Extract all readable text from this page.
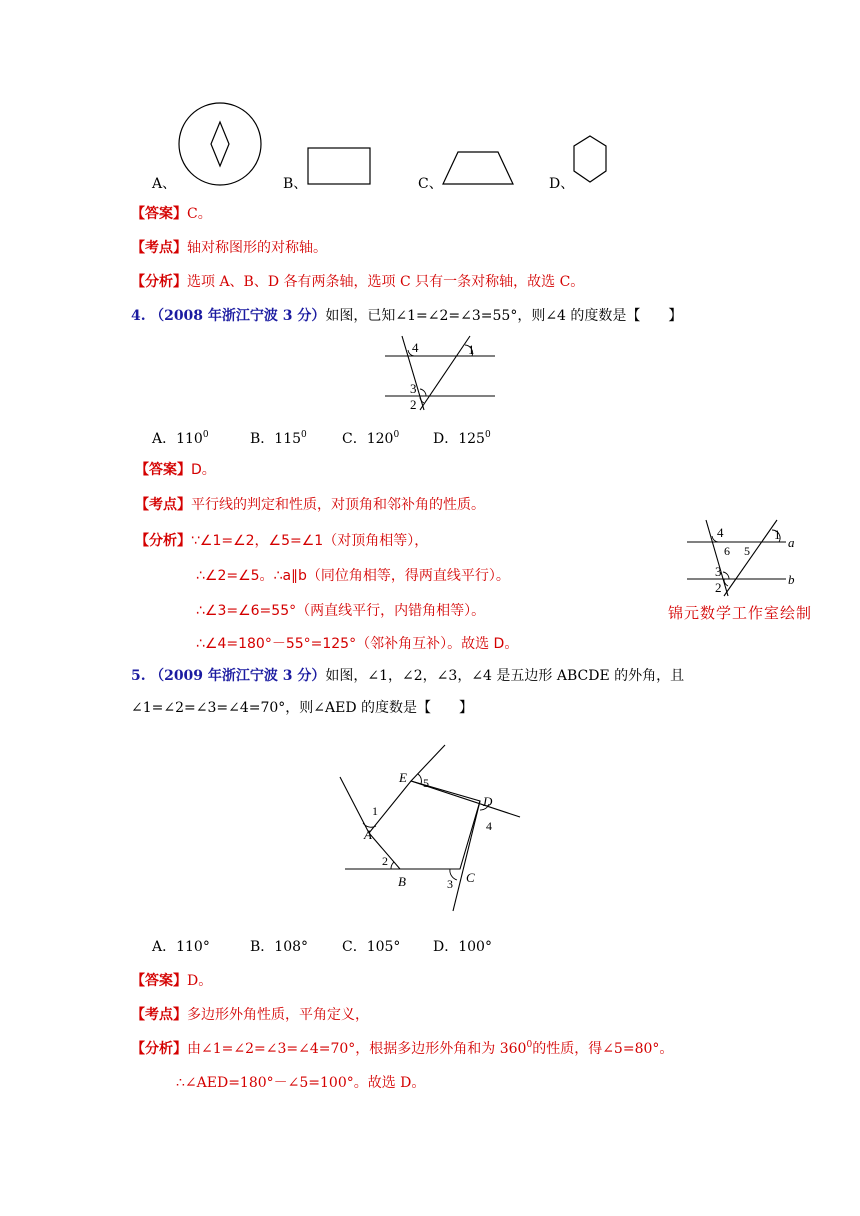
A、	B、	C、	D、
【答案】C。
【考点】轴对称图形的对称轴。
【分析】选项 A、B、D 各有两条轴，选项 C 只有一条对称轴，故选 C。
4. （2008 年浙江宁波 3 分）如图，已知∠1=∠2=∠3=55°，则∠4 的度数是【　　】
4	1
3
2
A．$110^0$	B．$115^0$	C．$120^0$ D．$125^0$
【答案】D。
【考点】平行线的判定和性质，对顶角和邻补角的性质。
【分析】∵∠1=∠2，∠5=∠1（对顶角相等），
∴∠2=∠5。∴a∥b（同位角相等，得两直线平行）。
∴∠3=∠6=55°（两直线平行，内错角相等）。
∴∠4=180°－55°=125°（邻补角互补）。故选 D。
4	1
a
6 5
3
b
2
锦元数学工作室绘制
5. （2009 年浙江宁波 3 分）如图，∠1，∠2，∠3，∠4 是五边形 ABCDE 的外角，且
∠1=∠2=∠3=∠4=70°，则∠AED 的度数是【　　】
E 5
D
4
1
A
2
B	3 C
A．110°	B．108° C．105° D．100°
【答案】D。
【考点】多边形外角性质，平角定义，
【分析】由∠1=∠2=∠3=∠4=70°，根据多边形外角和为 $360^0$的性质，得∠5=80°。
∴∠AED=180°－∠5=100°。故选 D。
